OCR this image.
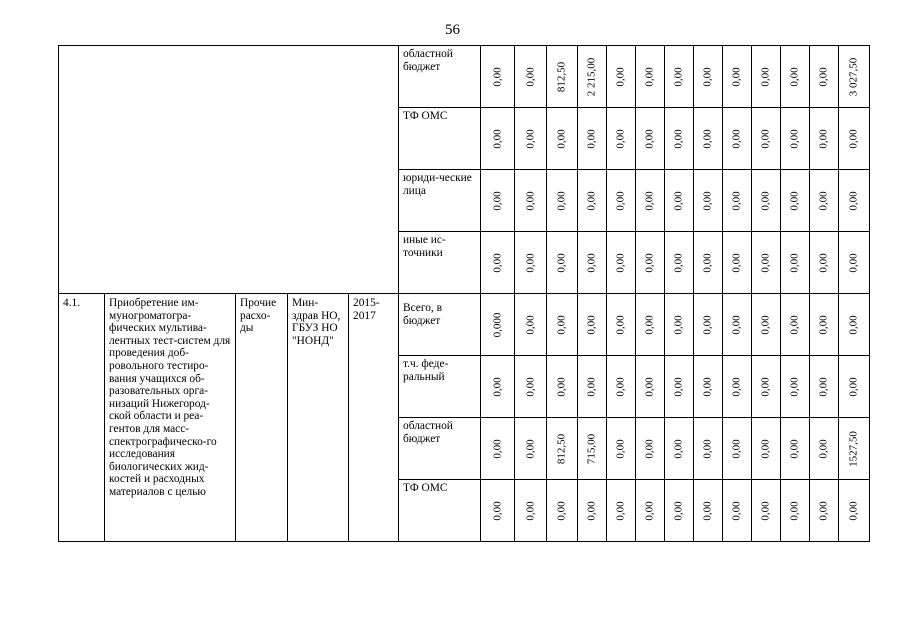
56
					областной бюджет	0,00	0,00	812,50	2 215,00	0,00	0,00	0,00	0,00	0,00	0,00	0,00	0,00	3 027,50

					ТФ ОМС	0,00	0,00	0,00	0,00	0,00	0,00	0,00	0,00	0,00	0,00	0,00	0,00	0,00

					юриди-ческие лица	0,00	0,00	0,00	0,00	0,00	0,00	0,00	0,00	0,00	0,00	0,00	0,00	0,00

					иные ис-точники	0,00	0,00	0,00	0,00	0,00	0,00	0,00	0,00	0,00	0,00	0,00	0,00	0,00

4.1.	Приобретение им-муногроматогра-фических мультива-лентных тест-систем для проведения доб-ровольного тестиро-вания учащихся об-разовательных орга-низаций Нижегород-ской области и реа-гентов для масс-спектрографическо-го исследования биологических жид-костей и расходных материалов с целью	Прочие расхо-ды	Мин-здрав НО, ГБУЗ НО "НОНД"	2015-2017	Всего, в бюджет	0,000	0,00	0,00	0,00	0,00	0,00	0,00	0,00	0,00	0,00	0,00	0,00	0,00

					т.ч. феде-ральный	0,00	0,00	0,00	0,00	0,00	0,00	0,00	0,00	0,00	0,00	0,00	0,00	0,00

					областной бюджет	0,00	0,00	812,50	715,00	0,00	0,00	0,00	0,00	0,00	0,00	0,00	0,00	1527,50

					ТФ ОМС	0,00	0,00	0,00	0,00	0,00	0,00	0,00	0,00	0,00	0,00	0,00	0,00	0,00
